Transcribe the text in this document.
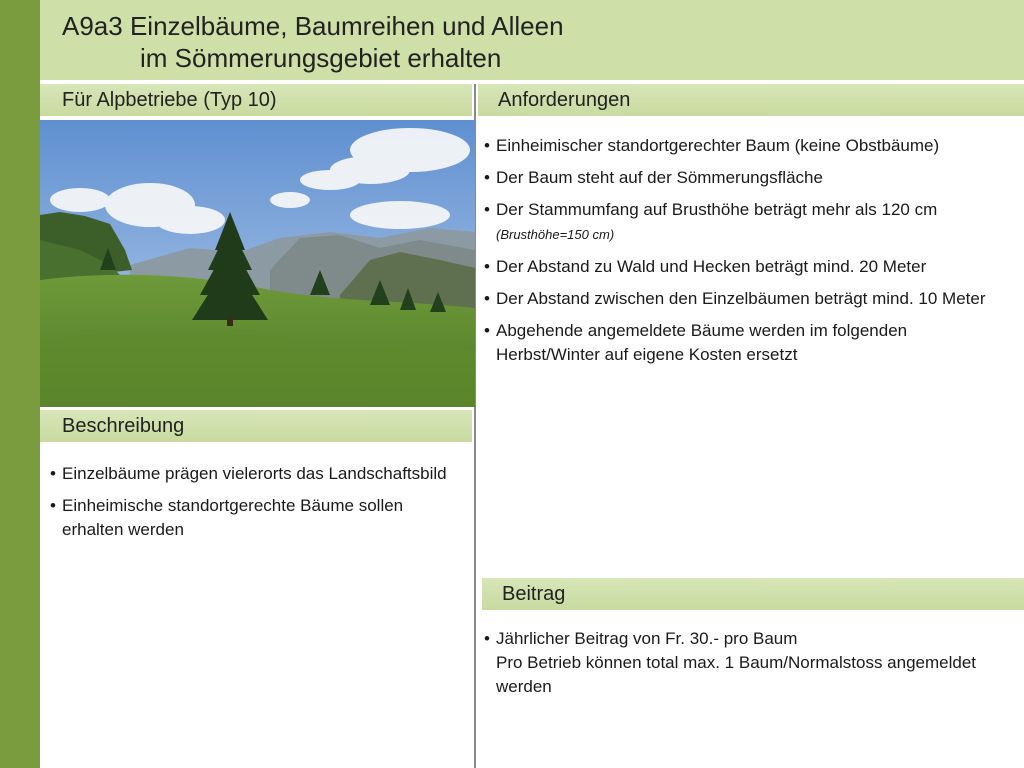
A9a3 Einzelbäume, Baumreihen und Alleen
im Sömmerungsgebiet erhalten
Für Alpbetriebe (Typ 10)	Anforderungen
• Einheimischer standortgerechter Baum (keine Obstbäume)
• Der Baum steht auf der Sömmerungsfläche
• Der Stammumfang auf Brusthöhe beträgt mehr als 120 cm (Brusthöhe=150 cm)
• Der Abstand zu Wald und Hecken beträgt mind. 20 Meter
• Der Abstand zwischen den Einzelbäumen beträgt mind. 10 Meter
• Abgehende angemeldete Bäume werden im folgenden Herbst/Winter auf eigene Kosten ersetzt
Beschreibung
• Einzelbäume prägen vielerorts das Landschaftsbild
• Einheimische standortgerechte Bäume sollen erhalten werden
Beitrag
• Jährlicher Beitrag von Fr. 30.- pro Baum
Pro Betrieb können total max. 1 Baum/Normalstoss angemeldet werden
